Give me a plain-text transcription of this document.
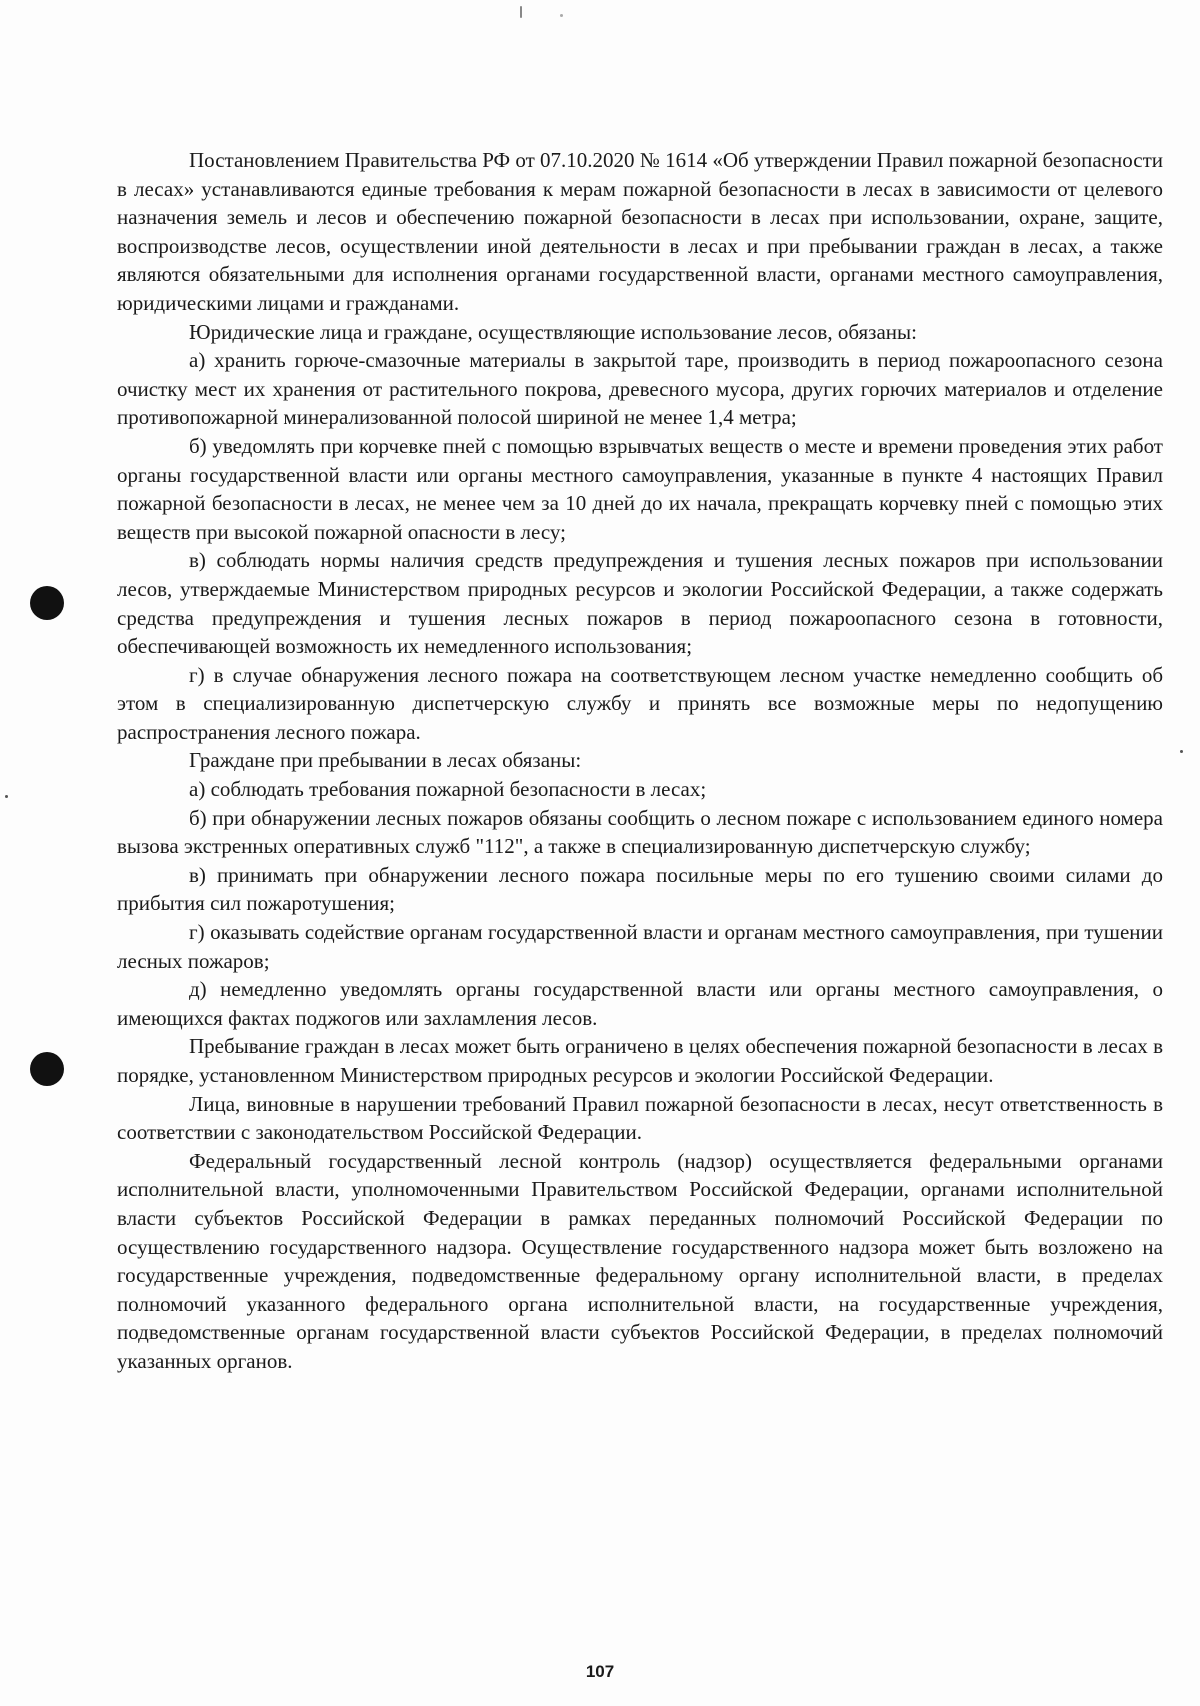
Постановлением Правительства РФ от 07.10.2020 № 1614 «Об утверждении Правил пожарной безопасности в лесах» устанавливаются единые требования к мерам пожарной безопасности в лесах в зависимости от целевого назначения земель и лесов и обеспечению пожарной безопасности в лесах при использовании, охране, защите, воспроизводстве лесов, осуществлении иной деятельности в лесах и при пребывании граждан в лесах, а также являются обязательными для исполнения органами государственной власти, органами местного самоуправления, юридическими лицами и гражданами.

Юридические лица и граждане, осуществляющие использование лесов, обязаны:

а) хранить горюче-смазочные материалы в закрытой таре, производить в период пожароопасного сезона очистку мест их хранения от растительного покрова, древесного мусора, других горючих материалов и отделение противопожарной минерализованной полосой шириной не менее 1,4 метра;

б) уведомлять при корчевке пней с помощью взрывчатых веществ о месте и времени проведения этих работ органы государственной власти или органы местного самоуправления, указанные в пункте 4 настоящих Правил пожарной безопасности в лесах, не менее чем за 10 дней до их начала, прекращать корчевку пней с помощью этих веществ при высокой пожарной опасности в лесу;

в) соблюдать нормы наличия средств предупреждения и тушения лесных пожаров при использовании лесов, утверждаемые Министерством природных ресурсов и экологии Российской Федерации, а также содержать средства предупреждения и тушения лесных пожаров в период пожароопасного сезона в готовности, обеспечивающей возможность их немедленного использования;

г) в случае обнаружения лесного пожара на соответствующем лесном участке немедленно сообщить об этом в специализированную диспетчерскую службу и принять все возможные меры по недопущению распространения лесного пожара.

Граждане при пребывании в лесах обязаны:

а) соблюдать требования пожарной безопасности в лесах;

б) при обнаружении лесных пожаров обязаны сообщить о лесном пожаре с использованием единого номера вызова экстренных оперативных служб "112", а также в специализированную диспетчерскую службу;

в) принимать при обнаружении лесного пожара посильные меры по его тушению своими силами до прибытия сил пожаротушения;

г) оказывать содействие органам государственной власти и органам местного самоуправления, при тушении лесных пожаров;

д) немедленно уведомлять органы государственной власти или органы местного самоуправления, о имеющихся фактах поджогов или захламления лесов.

Пребывание граждан в лесах может быть ограничено в целях обеспечения пожарной безопасности в лесах в порядке, установленном Министерством природных ресурсов и экологии Российской Федерации.

Лица, виновные в нарушении требований Правил пожарной безопасности в лесах, несут ответственность в соответствии с законодательством Российской Федерации.

Федеральный государственный лесной контроль (надзор) осуществляется федеральными органами исполнительной власти, уполномоченными Правительством Российской Федерации, органами исполнительной власти субъектов Российской Федерации в рамках переданных полномочий Российской Федерации по осуществлению государственного надзора. Осуществление государственного надзора может быть возложено на государственные учреждения, подведомственные федеральному органу исполнительной власти, в пределах полномочий указанного федерального органа исполнительной власти, на государственные учреждения, подведомственные органам государственной власти субъектов Российской Федерации, в пределах полномочий указанных органов.

107
